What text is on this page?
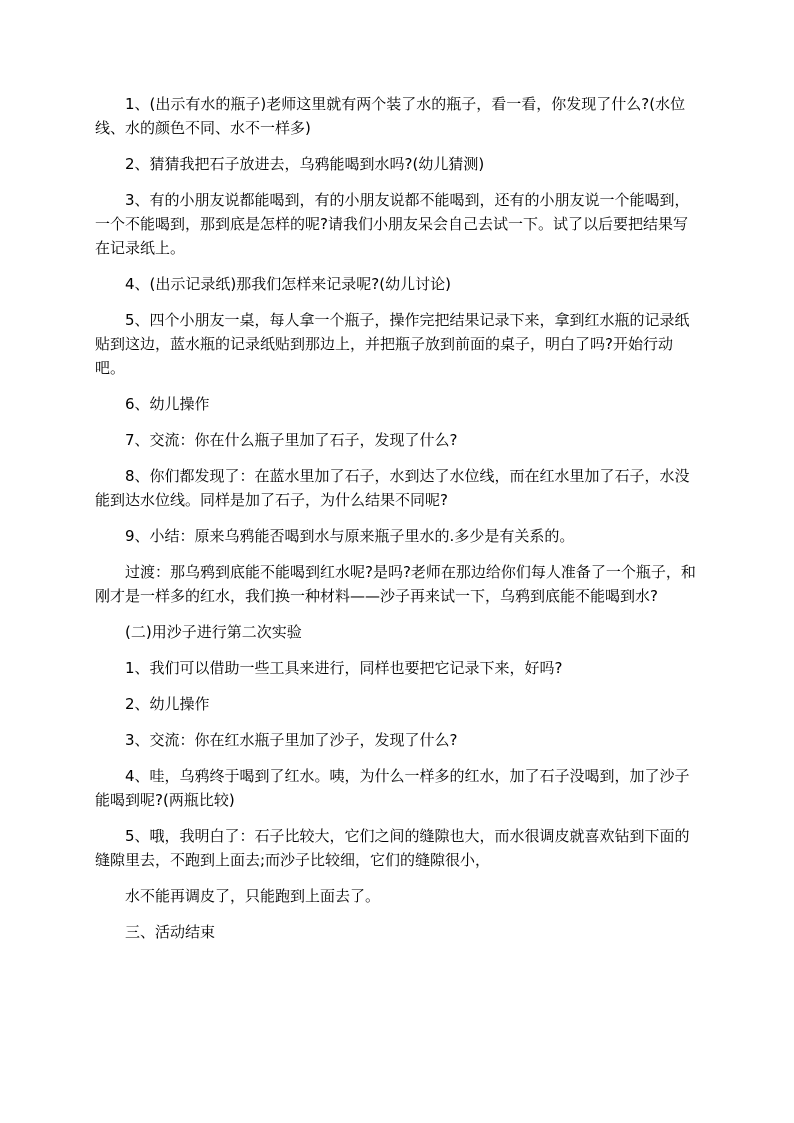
1、(出示有水的瓶子)老师这里就有两个装了水的瓶子，看一看，你发现了什么?(水位线、水的颜色不同、水不一样多)

2、猜猜我把石子放进去，乌鸦能喝到水吗?(幼儿猜测)

3、有的小朋友说都能喝到，有的小朋友说都不能喝到，还有的小朋友说一个能喝到，一个不能喝到，那到底是怎样的呢?请我们小朋友呆会自己去试一下。试了以后要把结果写在记录纸上。

4、(出示记录纸)那我们怎样来记录呢?(幼儿讨论)

5、四个小朋友一桌，每人拿一个瓶子，操作完把结果记录下来，拿到红水瓶的记录纸贴到这边，蓝水瓶的记录纸贴到那边上，并把瓶子放到前面的桌子，明白了吗?开始行动吧。

6、幼儿操作

7、交流：你在什么瓶子里加了石子，发现了什么?

8、你们都发现了：在蓝水里加了石子，水到达了水位线，而在红水里加了石子，水没能到达水位线。同样是加了石子，为什么结果不同呢?

9、小结：原来乌鸦能否喝到水与原来瓶子里水的.多少是有关系的。

过渡：那乌鸦到底能不能喝到红水呢?是吗?老师在那边给你们每人准备了一个瓶子，和刚才是一样多的红水，我们换一种材料——沙子再来试一下，乌鸦到底能不能喝到水?

(二)用沙子进行第二次实验

1、我们可以借助一些工具来进行，同样也要把它记录下来，好吗?

2、幼儿操作

3、交流：你在红水瓶子里加了沙子，发现了什么?

4、哇，乌鸦终于喝到了红水。咦，为什么一样多的红水，加了石子没喝到，加了沙子能喝到呢?(两瓶比较)

5、哦，我明白了：石子比较大，它们之间的缝隙也大，而水很调皮就喜欢钻到下面的缝隙里去，不跑到上面去;而沙子比较细，它们的缝隙很小，

水不能再调皮了，只能跑到上面去了。

三、活动结束
